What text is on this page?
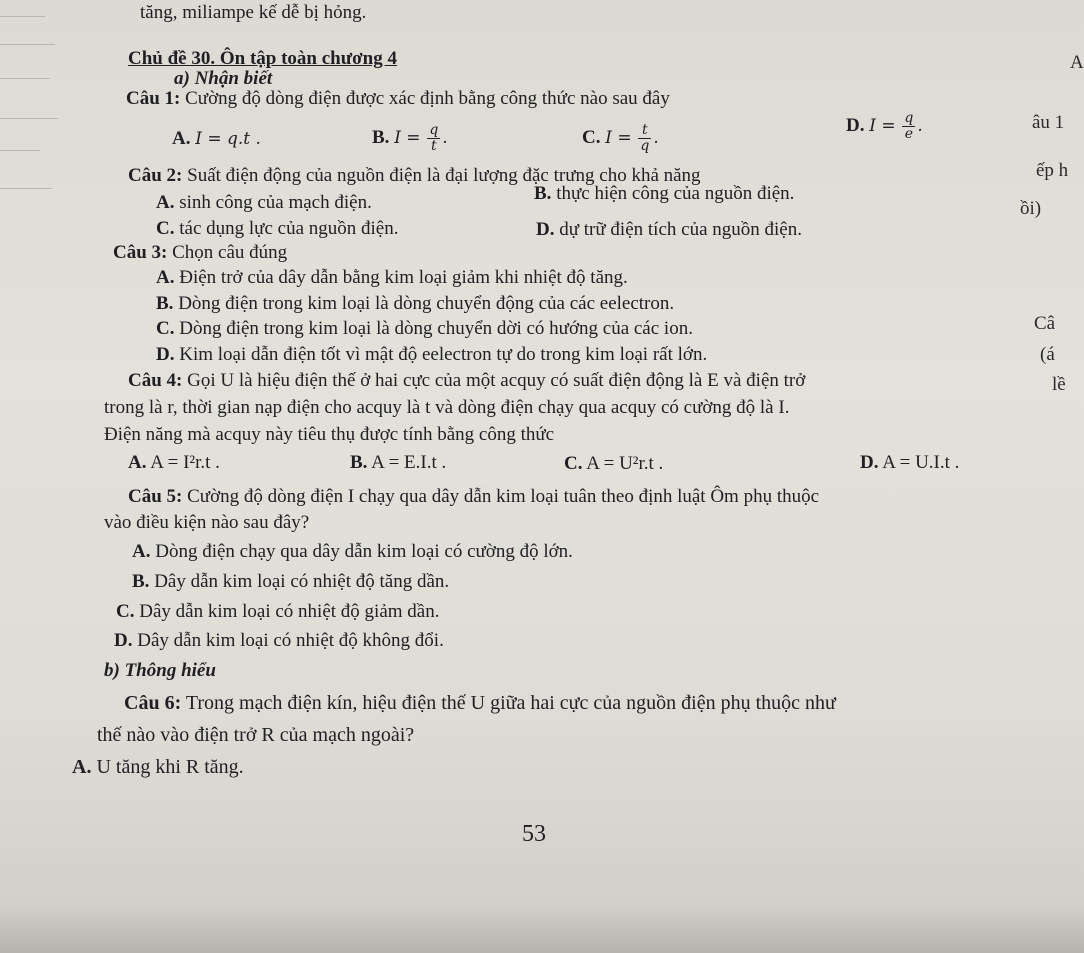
tăng, miliampe kế dễ bị hỏng.
Chủ đề 30. Ôn tập toàn chương 4
a) Nhận biết
Câu 1: Cường độ dòng điện được xác định bằng công thức nào sau đây
A. I = q.t .	B. $I = \frac{q}{t}$ .	C. $I = \frac{t}{q}$ .
D. $I = \frac{q}{e}$ .
Câu 2: Suất điện động của nguồn điện là đại lượng đặc trưng cho khả năng
A. sinh công của mạch điện.	B. thực hiện công của nguồn điện.
C. tác dụng lực của nguồn điện.	D. dự trữ điện tích của nguồn điện.
Câu 3: Chọn câu đúng
A. Điện trở của dây dẫn bằng kim loại giảm khi nhiệt độ tăng.
B. Dòng điện trong kim loại là dòng chuyển động của các eelectron.
C. Dòng điện trong kim loại là dòng chuyển dời có hướng của các ion.
D. Kim loại dẫn điện tốt vì mật độ eelectron tự do trong kim loại rất lớn.
Câu 4: Gọi U là hiệu điện thế ở hai cực của một acquy có suất điện động là E và điện trở
trong là r, thời gian nạp điện cho acquy là t và dòng điện chạy qua acquy có cường độ là I.
Điện năng mà acquy này tiêu thụ được tính bằng công thức
A. A = I²r.t .	B. A = E.I.t .	C. A = U²r.t .	D. A = U.I.t .
Câu 5: Cường độ dòng điện I chạy qua dây dẫn kim loại tuân theo định luật Ôm phụ thuộc
vào điều kiện nào sau đây?
A. Dòng điện chạy qua dây dẫn kim loại có cường độ lớn.
B. Dây dẫn kim loại có nhiệt độ tăng dần.
C. Dây dẫn kim loại có nhiệt độ giảm dần.
D. Dây dẫn kim loại có nhiệt độ không đổi.
b) Thông hiểu
Câu 6: Trong mạch điện kín, hiệu điện thế U giữa hai cực của nguồn điện phụ thuộc như
thế nào vào điện trở R của mạch ngoài?
A. U tăng khi R tăng.
53
A
âu 1
ếp h
ồi)
Câ
(á
lề
